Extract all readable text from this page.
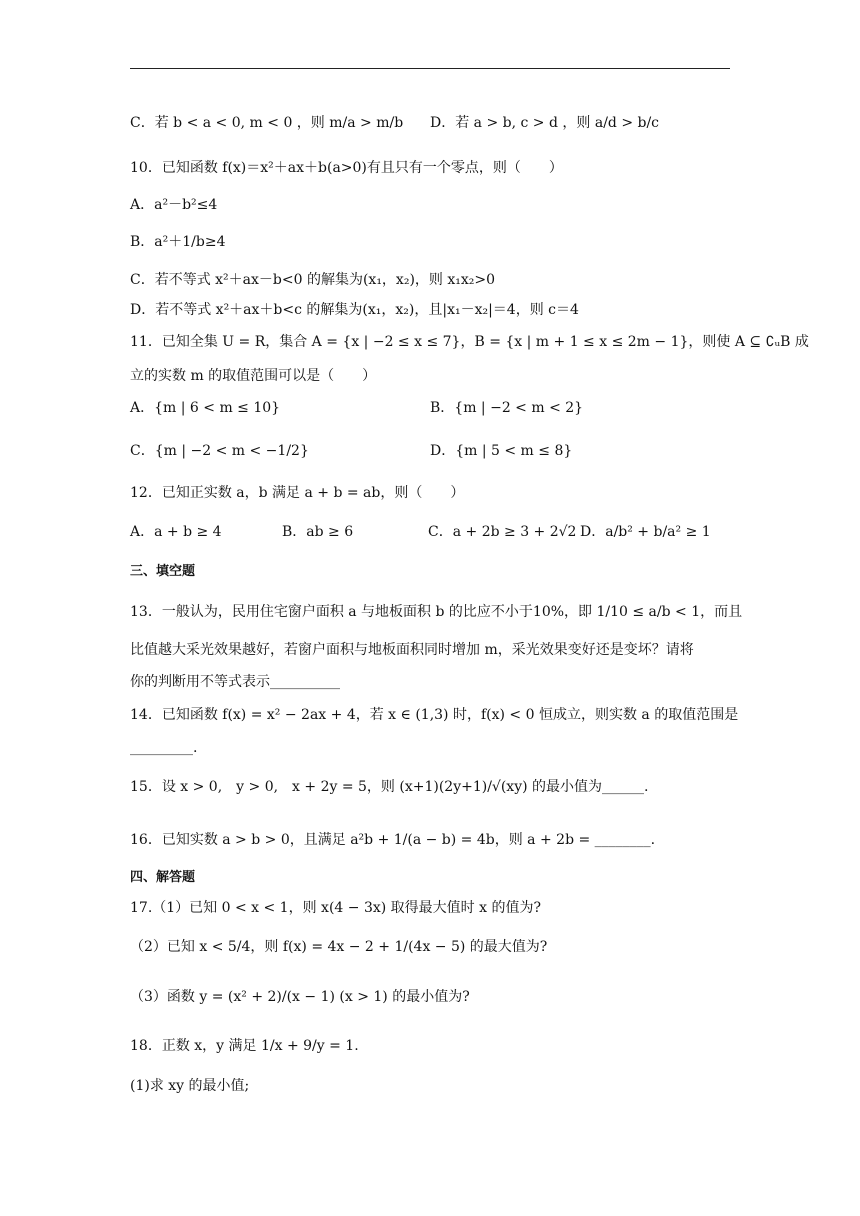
C．若 b < a < 0, m < 0 ，则 m/a > m/b D．若 a > b, c > d ，则 a/d > b/c
10．已知函数 f(x)＝x²＋ax＋b(a>0)有且只有一个零点，则（　　）
A．a²－b²≤4
B．a²＋1/b≥4
C．若不等式 x²＋ax－b<0 的解集为(x₁，x₂)，则 x₁x₂>0
D．若不等式 x²＋ax＋b<c 的解集为(x₁，x₂)，且|x₁－x₂|＝4，则 c＝4
11．已知全集 U = R，集合 A = {x | −2 ≤ x ≤ 7}，B = {x | m + 1 ≤ x ≤ 2m − 1}，则使 A ⊆ ∁ᵤB 成
立的实数 m 的取值范围可以是（　　）
A．{m | 6 < m ≤ 10}	B．{m | −2 < m < 2}
C．{m | −2 < m < −1/2}	D．{m | 5 < m ≤ 8}
12．已知正实数 a，b 满足 a + b = ab，则（　　）
A．a + b ≥ 4	B．ab ≥ 6	C．a + 2b ≥ 3 + 2√2 D．a/b² + b/a² ≥ 1
三、填空题
13．一般认为，民用住宅窗户面积 a 与地板面积 b 的比应不小于10%，即 1/10 ≤ a/b < 1，而且
比值越大采光效果越好，若窗户面积与地板面积同时增加 m，采光效果变好还是变坏？请将
你的判断用不等式表示__________
14．已知函数 f(x) = x² − 2ax + 4，若 x ∈ (1,3) 时，f(x) < 0 恒成立，则实数 a 的取值范围是
_________.
15．设 x > 0,　y > 0,　x + 2y = 5，则 (x+1)(2y+1)/√(xy) 的最小值为______.
16．已知实数 a > b > 0，且满足 a²b + 1/(a − b) = 4b，则 a + 2b = ________.
四、解答题
17.（1）已知 0 < x < 1，则 x(4 − 3x) 取得最大值时 x 的值为?
（2）已知 x < 5/4，则 f(x) = 4x − 2 + 1/(4x − 5) 的最大值为?
（3）函数 y = (x² + 2)/(x − 1) (x > 1) 的最小值为?
18．正数 x，y 满足 1/x + 9/y = 1.
(1)求 xy 的最小值;
